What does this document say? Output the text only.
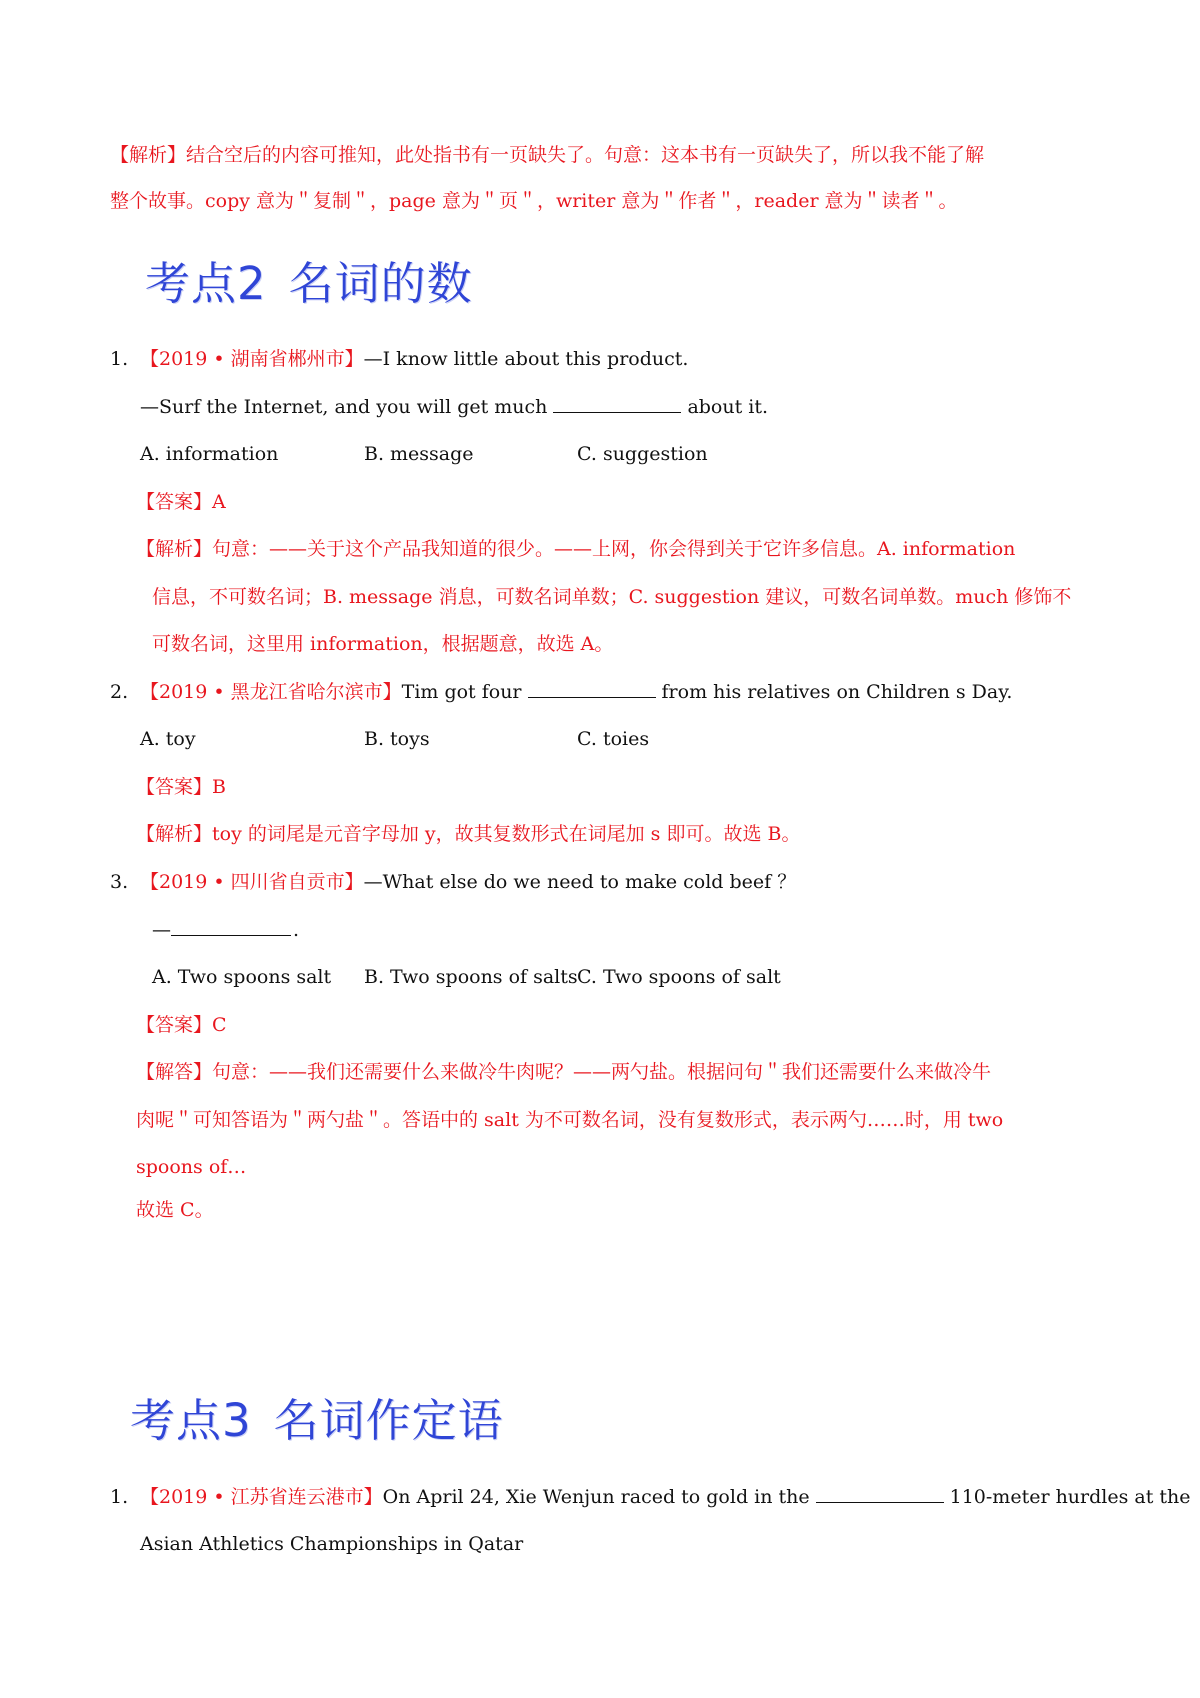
【解析】结合空后的内容可推知，此处指书有一页缺失了。句意：这本书有一页缺失了，所以我不能了解
整个故事。copy 意为＂复制＂，page 意为＂页＂，writer 意为＂作者＂，reader 意为＂读者＂。
考点2 名词的数
1. 【2019 • 湖南省郴州市】—I know little about this product.
—Surf the Internet, and you will get much	about it.
A. information	B. message	C. suggestion
【答案】A
【解析】句意：——关于这个产品我知道的很少。——上网，你会得到关于它许多信息。A. information
信息，不可数名词；B. message 消息，可数名词单数；C. suggestion 建议，可数名词单数。much 修饰不
可数名词，这里用 information，根据题意，故选 A。
2. 【2019 • 黑龙江省哈尔滨市】Tim got four	from his relatives on Children s Day.
A. toy	B. toys	C. toies
【答案】B
【解析】toy 的词尾是元音字母加 y，故其复数形式在词尾加 s 即可。故选 B。
3. 【2019 • 四川省自贡市】—What else do we need to make cold beef ？
—	.
A. Two spoons salt B. Two spoons of salts C. Two spoons of salt
【答案】C
【解答】句意：——我们还需要什么来做冷牛肉呢？——两勺盐。根据问句＂我们还需要什么来做冷牛
肉呢＂可知答语为＂两勺盐＂。答语中的 salt 为不可数名词，没有复数形式，表示两勺……时，用 two
spoons of…
故选 C。
考点3 名词作定语
1. 【2019 • 江苏省连云港市】On April 24, Xie Wenjun raced to gold in the	110-meter hurdles at the
Asian Athletics Championships in Qatar
